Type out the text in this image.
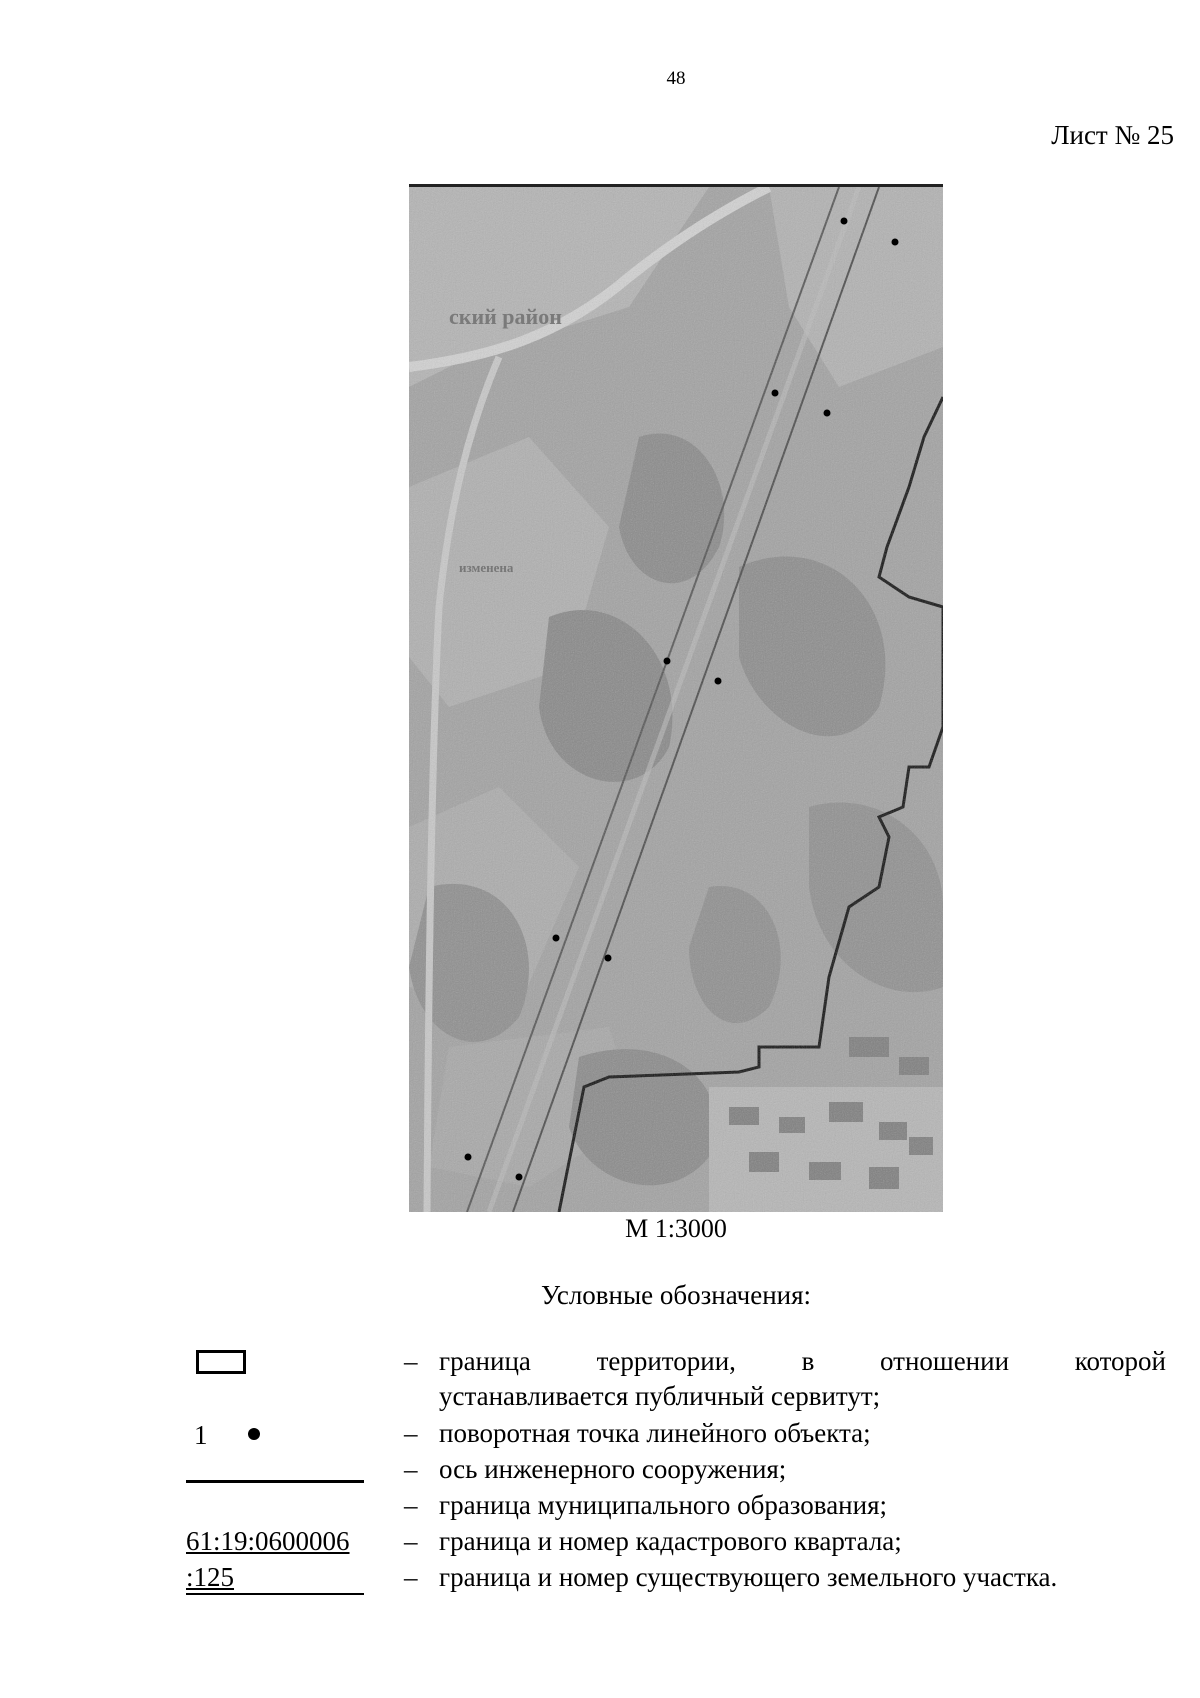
48
Лист № 25
ский район
изменена
М 1:3000
Условные обозначения:
– граница территории, в отношении которой
устанавливается публичный сервитут;
1	– поворотная точка линейного объекта;
– ось инженерного сооружения;
– граница муниципального образования;
61:19:0600006	– граница и номер кадастрового квартала;
:125	– граница и номер существующего земельного участка.
